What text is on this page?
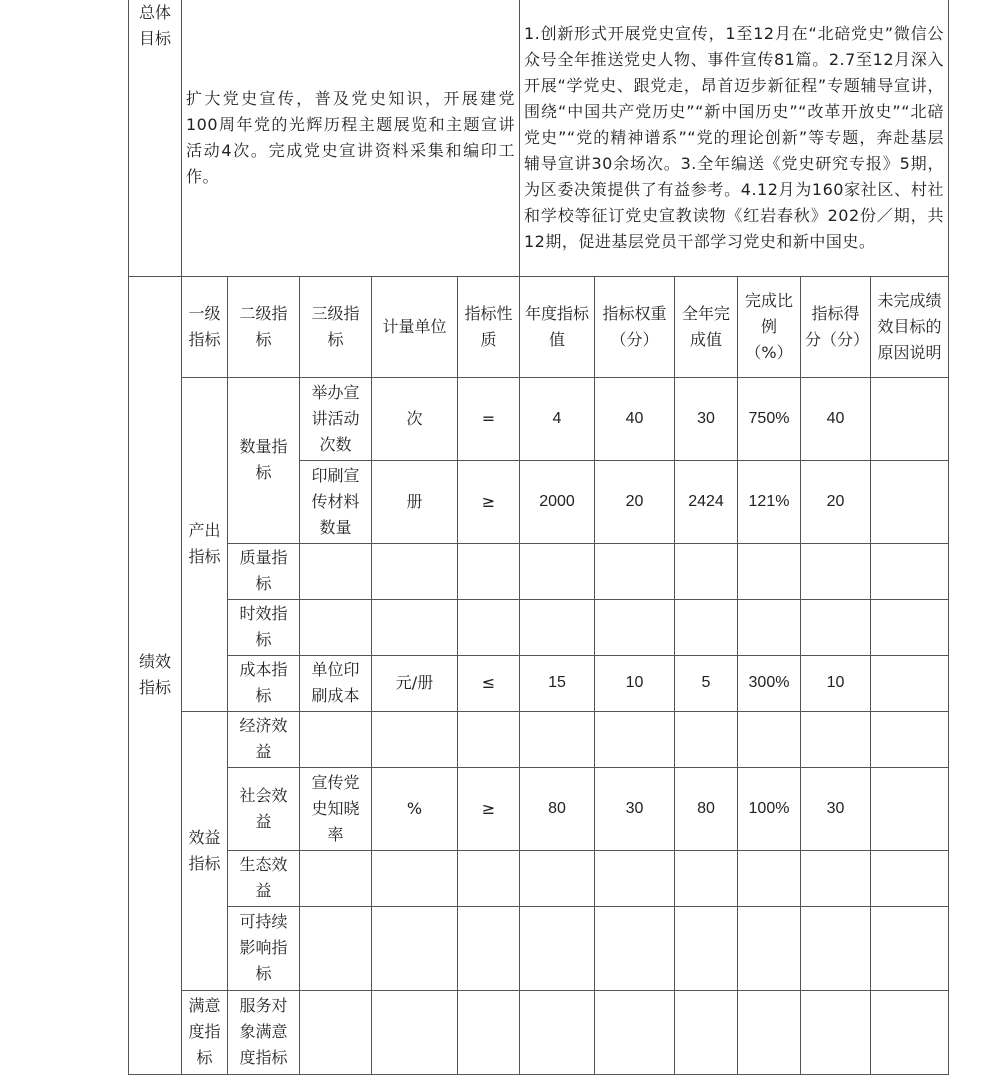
总体目标	扩大党史宣传，普及党史知识，开展建党100周年党的光辉历程主题展览和主题宣讲活动4次。完成党史宣讲资料采集和编印工作。					1.创新形式开展党史宣传，1至12月在“北碚党史”微信公众号全年推送党史人物、事件宣传81篇。2.7至12月深入开展“学党史、跟党走，昂首迈步新征程”专题辅导宣讲，围绕“中国共产党历史”“新中国历史”“改革开放史”“北碚党史”“党的精神谱系”“党的理论创新”等专题，奔赴基层辅导宣讲30余场次。3.全年编送《党史研究专报》5期，为区委决策提供了有益参考。4.12月为160家社区、村社和学校等征订党史宣教读物《红岩春秋》202份／期，共12期，促进基层党员干部学习党史和新中国史。					
绩效指标	一级指标	二级指标	三级指标	计量单位	指标性质	年度指标值	指标权重（分）	全年完成值	完成比例（%）	指标得分（分）	未完成绩效目标的原因说明
	产出指标	数量指标	举办宣讲活动次数	次	=	4	40	30	750%	40	
			印刷宣传材料数量	册	≥	2000	20	2424	121%	20	
		质量指标									
		时效指标									
		成本指标	单位印刷成本	元/册	≤	15	10	5	300%	10	
	效益指标	经济效益									
		社会效益	宣传党史知晓率	%	≥	80	30	80	100%	30	
		生态效益									
		可持续影响指标									
	满意度指标	服务对象满意度指标									
